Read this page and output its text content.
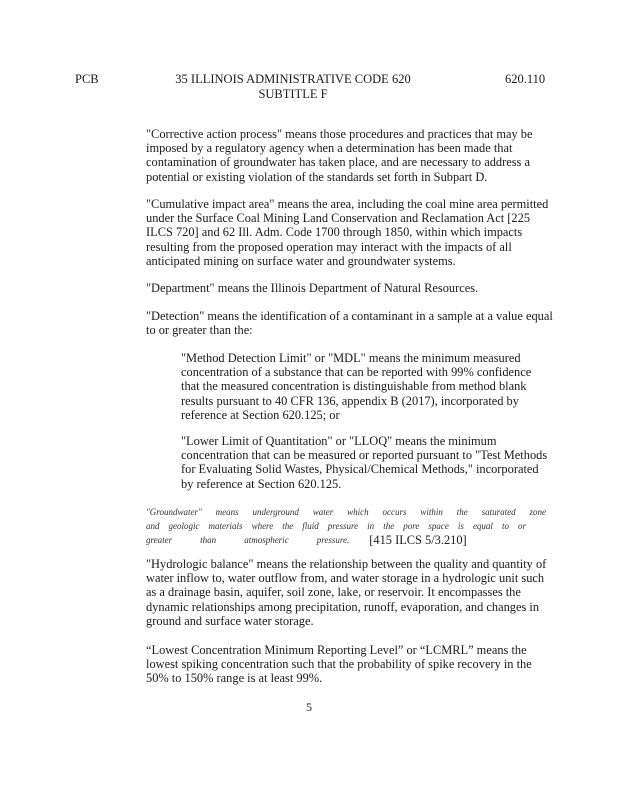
PCB	35 ILLINOIS ADMINISTRATIVE CODE 620
SUBTITLE F
620.110

"Corrective action process" means those procedures and practices that may be
imposed by a regulatory agency when a determination has been made that
contamination of groundwater has taken place, and are necessary to address a
potential or existing violation of the standards set forth in Subpart D.

"Cumulative impact area" means the area, including the coal mine area permitted
under the Surface Coal Mining Land Conservation and Reclamation Act [225
ILCS 720] and 62 Ill. Adm. Code 1700 through 1850, within which impacts
resulting from the proposed operation may interact with the impacts of all
anticipated mining on surface water and groundwater systems.

"Department" means the Illinois Department of Natural Resources.

"Detection" means the identification of a contaminant in a sample at a value equal
to or greater than the:

"Method Detection Limit" or "MDL" means the minimum measured
concentration of a substance that can be reported with 99% confidence
that the measured concentration is distinguishable from method blank
results pursuant to 40 CFR 136, appendix B (2017), incorporated by
reference at Section 620.125; or

"Lower Limit of Quantitation" or "LLOQ" means the minimum
concentration that can be measured or reported pursuant to "Test Methods
for Evaluating Solid Wastes, Physical/Chemical Methods," incorporated
by reference at Section 620.125.

"Groundwater" means underground water which occurs within the saturated zone
and geologic materials where the fluid pressure in the pore space is equal to or
greater	than	atmospheric	pressure. [415 ILCS 5/3.210]

"Hydrologic balance" means the relationship between the quality and quantity of
water inflow to, water outflow from, and water storage in a hydrologic unit such
as a drainage basin, aquifer, soil zone, lake, or reservoir. It encompasses the
dynamic relationships among precipitation, runoff, evaporation, and changes in
ground and surface water storage.

“Lowest Concentration Minimum Reporting Level” or “LCMRL” means the
lowest spiking concentration such that the probability of spike recovery in the
50% to 150% range is at least 99%.

5
